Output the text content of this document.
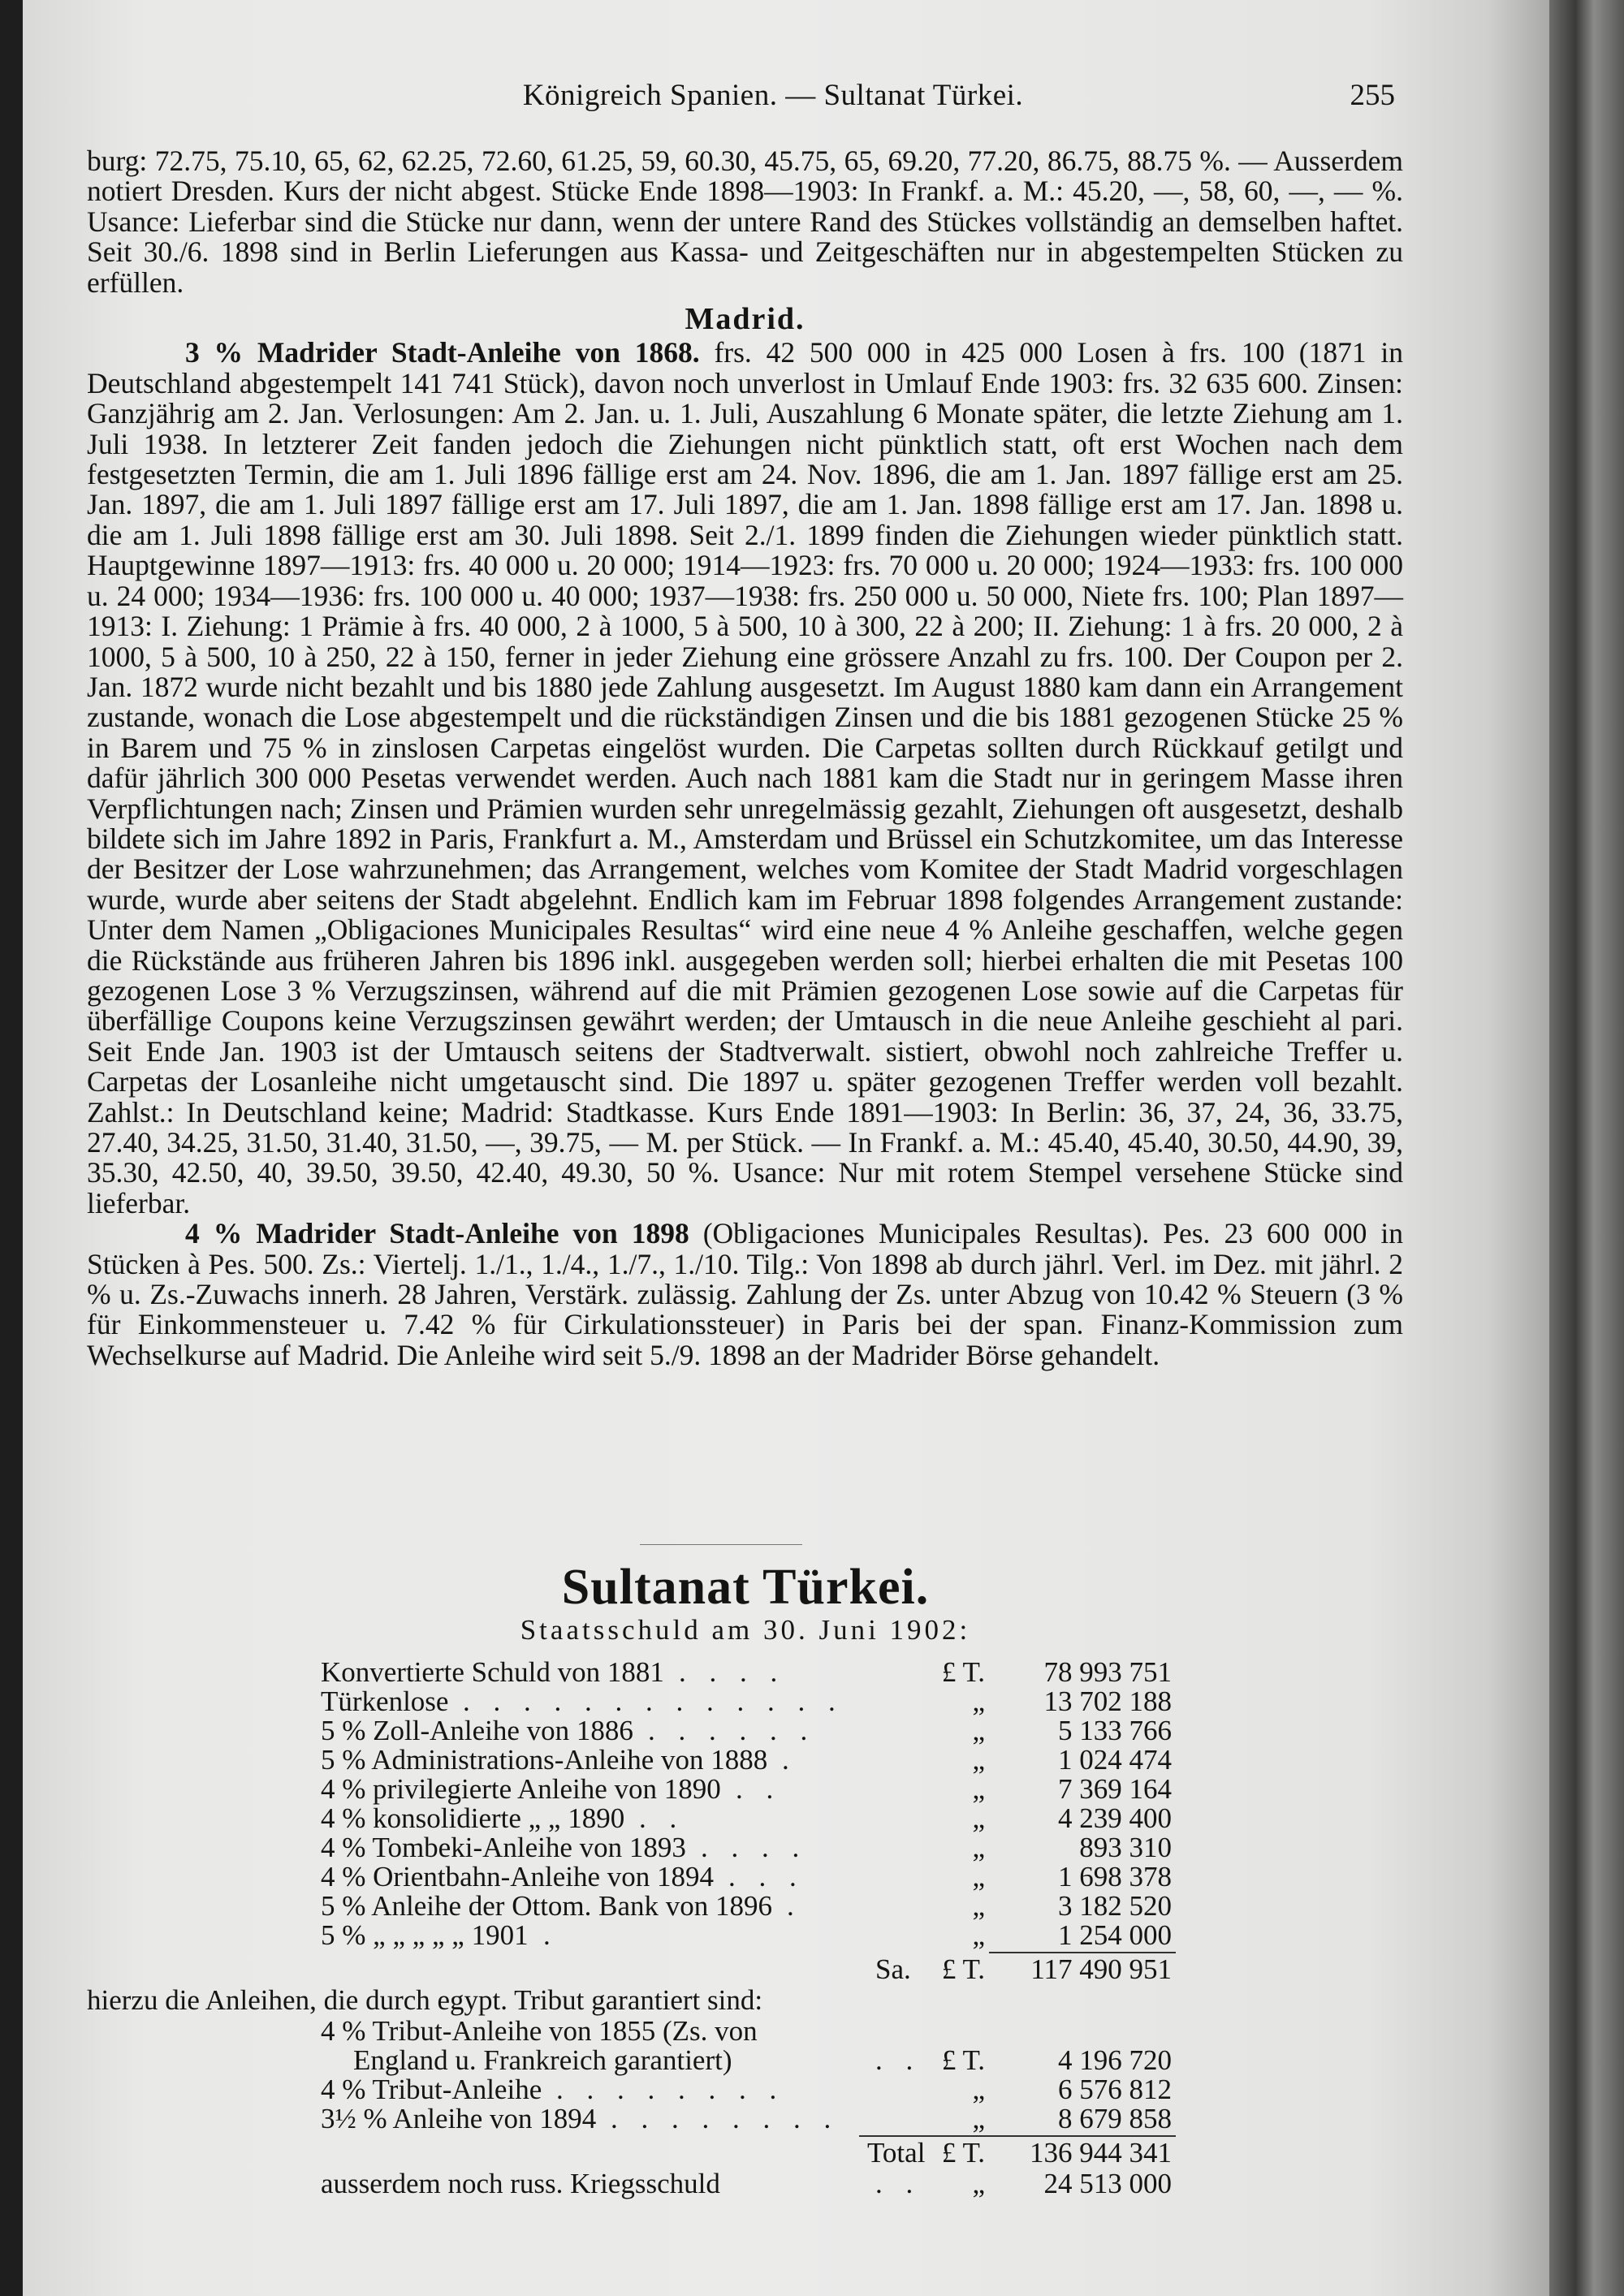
Königreich Spanien. — Sultanat Türkei.	255

burg: 72.75, 75.10, 65, 62, 62.25, 72.60, 61.25, 59, 60.30, 45.75, 65, 69.20, 77.20, 86.75, 88.75 %. — Ausserdem notiert Dresden. Kurs der nicht abgest. Stücke Ende 1898—1903: In Frankf. a. M.: 45.20, —, 58, 60, —, — %. Usance: Lieferbar sind die Stücke nur dann, wenn der untere Rand des Stückes vollständig an demselben haftet. Seit 30./6. 1898 sind in Berlin Lieferungen aus Kassa- und Zeitgeschäften nur in abgestempelten Stücken zu erfüllen.

Madrid.

3 % Madrider Stadt-Anleihe von 1868. frs. 42 500 000 in 425 000 Losen à frs. 100 (1871 in Deutschland abgestempelt 141 741 Stück), davon noch unverlost in Umlauf Ende 1903: frs. 32 635 600. Zinsen: Ganzjährig am 2. Jan. Verlosungen: Am 2. Jan. u. 1. Juli, Auszahlung 6 Monate später, die letzte Ziehung am 1. Juli 1938. In letzterer Zeit fanden jedoch die Ziehungen nicht pünktlich statt, oft erst Wochen nach dem festgesetzten Termin, die am 1. Juli 1896 fällige erst am 24. Nov. 1896, die am 1. Jan. 1897 fällige erst am 25. Jan. 1897, die am 1. Juli 1897 fällige erst am 17. Juli 1897, die am 1. Jan. 1898 fällige erst am 17. Jan. 1898 u. die am 1. Juli 1898 fällige erst am 30. Juli 1898. Seit 2./1. 1899 finden die Ziehungen wieder pünktlich statt. Hauptgewinne 1897—1913: frs. 40 000 u. 20 000; 1914—1923: frs. 70 000 u. 20 000; 1924—1933: frs. 100 000 u. 24 000; 1934—1936: frs. 100 000 u. 40 000; 1937—1938: frs. 250 000 u. 50 000, Niete frs. 100; Plan 1897—1913: I. Ziehung: 1 Prämie à frs. 40 000, 2 à 1000, 5 à 500, 10 à 300, 22 à 200; II. Ziehung: 1 à frs. 20 000, 2 à 1000, 5 à 500, 10 à 250, 22 à 150, ferner in jeder Ziehung eine grössere Anzahl zu frs. 100. Der Coupon per 2. Jan. 1872 wurde nicht bezahlt und bis 1880 jede Zahlung ausgesetzt. Im August 1880 kam dann ein Arrangement zustande, wonach die Lose abgestempelt und die rückständigen Zinsen und die bis 1881 gezogenen Stücke 25 % in Barem und 75 % in zinslosen Carpetas eingelöst wurden. Die Carpetas sollten durch Rückkauf getilgt und dafür jährlich 300 000 Pesetas verwendet werden. Auch nach 1881 kam die Stadt nur in geringem Masse ihren Verpflichtungen nach; Zinsen und Prämien wurden sehr unregelmässig gezahlt, Ziehungen oft ausgesetzt, deshalb bildete sich im Jahre 1892 in Paris, Frankfurt a. M., Amsterdam und Brüssel ein Schutzkomitee, um das Interesse der Besitzer der Lose wahrzunehmen; das Arrangement, welches vom Komitee der Stadt Madrid vorgeschlagen wurde, wurde aber seitens der Stadt abgelehnt. Endlich kam im Februar 1898 folgendes Arrangement zustande: Unter dem Namen „Obligaciones Municipales Resultas“ wird eine neue 4 % Anleihe geschaffen, welche gegen die Rückstände aus früheren Jahren bis 1896 inkl. ausgegeben werden soll; hierbei erhalten die mit Pesetas 100 gezogenen Lose 3 % Verzugszinsen, während auf die mit Prämien gezogenen Lose sowie auf die Carpetas für überfällige Coupons keine Verzugszinsen gewährt werden; der Umtausch in die neue Anleihe geschieht al pari. Seit Ende Jan. 1903 ist der Umtausch seitens der Stadtverwalt. sistiert, obwohl noch zahlreiche Treffer u. Carpetas der Losanleihe nicht umgetauscht sind. Die 1897 u. später gezogenen Treffer werden voll bezahlt. Zahlst.: In Deutschland keine; Madrid: Stadtkasse. Kurs Ende 1891—1903: In Berlin: 36, 37, 24, 36, 33.75, 27.40, 34.25, 31.50, 31.40, 31.50, —, 39.75, — M. per Stück. — In Frankf. a. M.: 45.40, 45.40, 30.50, 44.90, 39, 35.30, 42.50, 40, 39.50, 39.50, 42.40, 49.30, 50 %. Usance: Nur mit rotem Stempel versehene Stücke sind lieferbar.

4 % Madrider Stadt-Anleihe von 1898 (Obligaciones Municipales Resultas). Pes. 23 600 000 in Stücken à Pes. 500. Zs.: Viertelj. 1./1., 1./4., 1./7., 1./10. Tilg.: Von 1898 ab durch jährl. Verl. im Dez. mit jährl. 2 % u. Zs.-Zuwachs innerh. 28 Jahren, Verstärk. zulässig. Zahlung der Zs. unter Abzug von 10.42 % Steuern (3 % für Einkommensteuer u. 7.42 % für Cirkulationssteuer) in Paris bei der span. Finanz-Kommission zum Wechselkurse auf Madrid. Die Anleihe wird seit 5./9. 1898 an der Madrider Börse gehandelt.

Sultanat Türkei.
Staatsschuld am 30. Juni 1902:
Konvertierte Schuld von 1881 . . . .	£ T.	78 993 751
Türkenlose . . . . . . . . . . . . .	„	13 702 188
5 % Zoll-Anleihe von 1886 . . . . . .	„	5 133 766
5 % Administrations-Anleihe von 1888 .	„	1 024 474
4 % privilegierte Anleihe von 1890 . .	„	7 369 164
4 % konsolidierte „ „ 1890 . .	„	4 239 400
4 % Tombeki-Anleihe von 1893 . . . .	„	893 310
4 % Orientbahn-Anleihe von 1894 . . .	„	1 698 378
5 % Anleihe der Ottom. Bank von 1896 .	„	3 182 520
5 % „ „ „ „ „ 1901 .	„	1 254 000
Sa. £ T.	117 490 951
hierzu die Anleihen, die durch egypt. Tribut garantiert sind:
4 % Tribut-Anleihe von 1855 (Zs. von
England u. Frankreich garantiert)	. . £ T.	4 196 720
4 % Tribut-Anleihe . . . . . . . .	„	6 576 812
3½ % Anleihe von 1894 . . . . . . . .	„	8 679 858
Total £ T.	136 944 341
ausserdem noch russ. Kriegsschuld	. .	„	24 513 000
